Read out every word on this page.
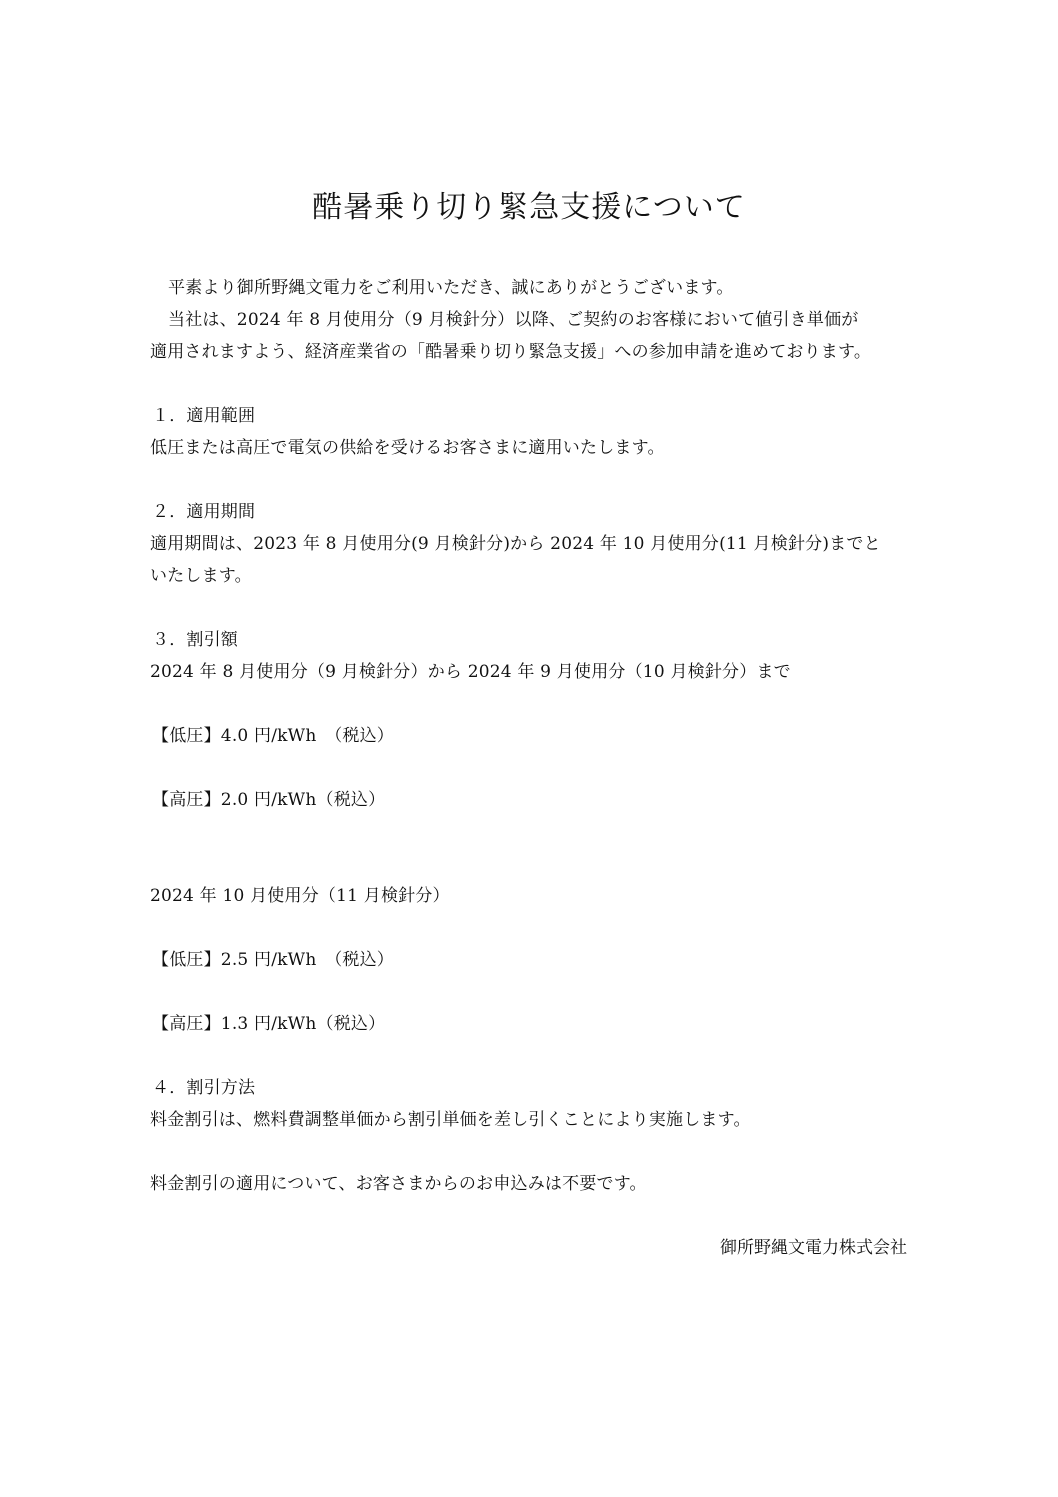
酷暑乗り切り緊急支援について
平素より御所野縄文電力をご利用いただき、誠にありがとうございます。
当社は、2024 年 8 月使用分（9 月検針分）以降、ご契約のお客様において値引き単価が
適用されますよう、経済産業省の「酷暑乗り切り緊急支援」への参加申請を進めております。
１．適用範囲
低圧または高圧で電気の供給を受けるお客さまに適用いたします。
２．適用期間
適用期間は、2023 年 8 月使用分(9 月検針分)から 2024 年 10 月使用分(11 月検針分)までと
いたします。
３．割引額
2024 年 8 月使用分（9 月検針分）から 2024 年 9 月使用分（10 月検針分）まで
【低圧】4.0 円/kWh　（税込）
【高圧】2.0 円/kWh（税込）
2024 年 10 月使用分（11 月検針分）
【低圧】2.5 円/kWh　（税込）
【高圧】1.3 円/kWh（税込）
４．割引方法
料金割引は、燃料費調整単価から割引単価を差し引くことにより実施します。
料金割引の適用について、お客さまからのお申込みは不要です。
御所野縄文電力株式会社
